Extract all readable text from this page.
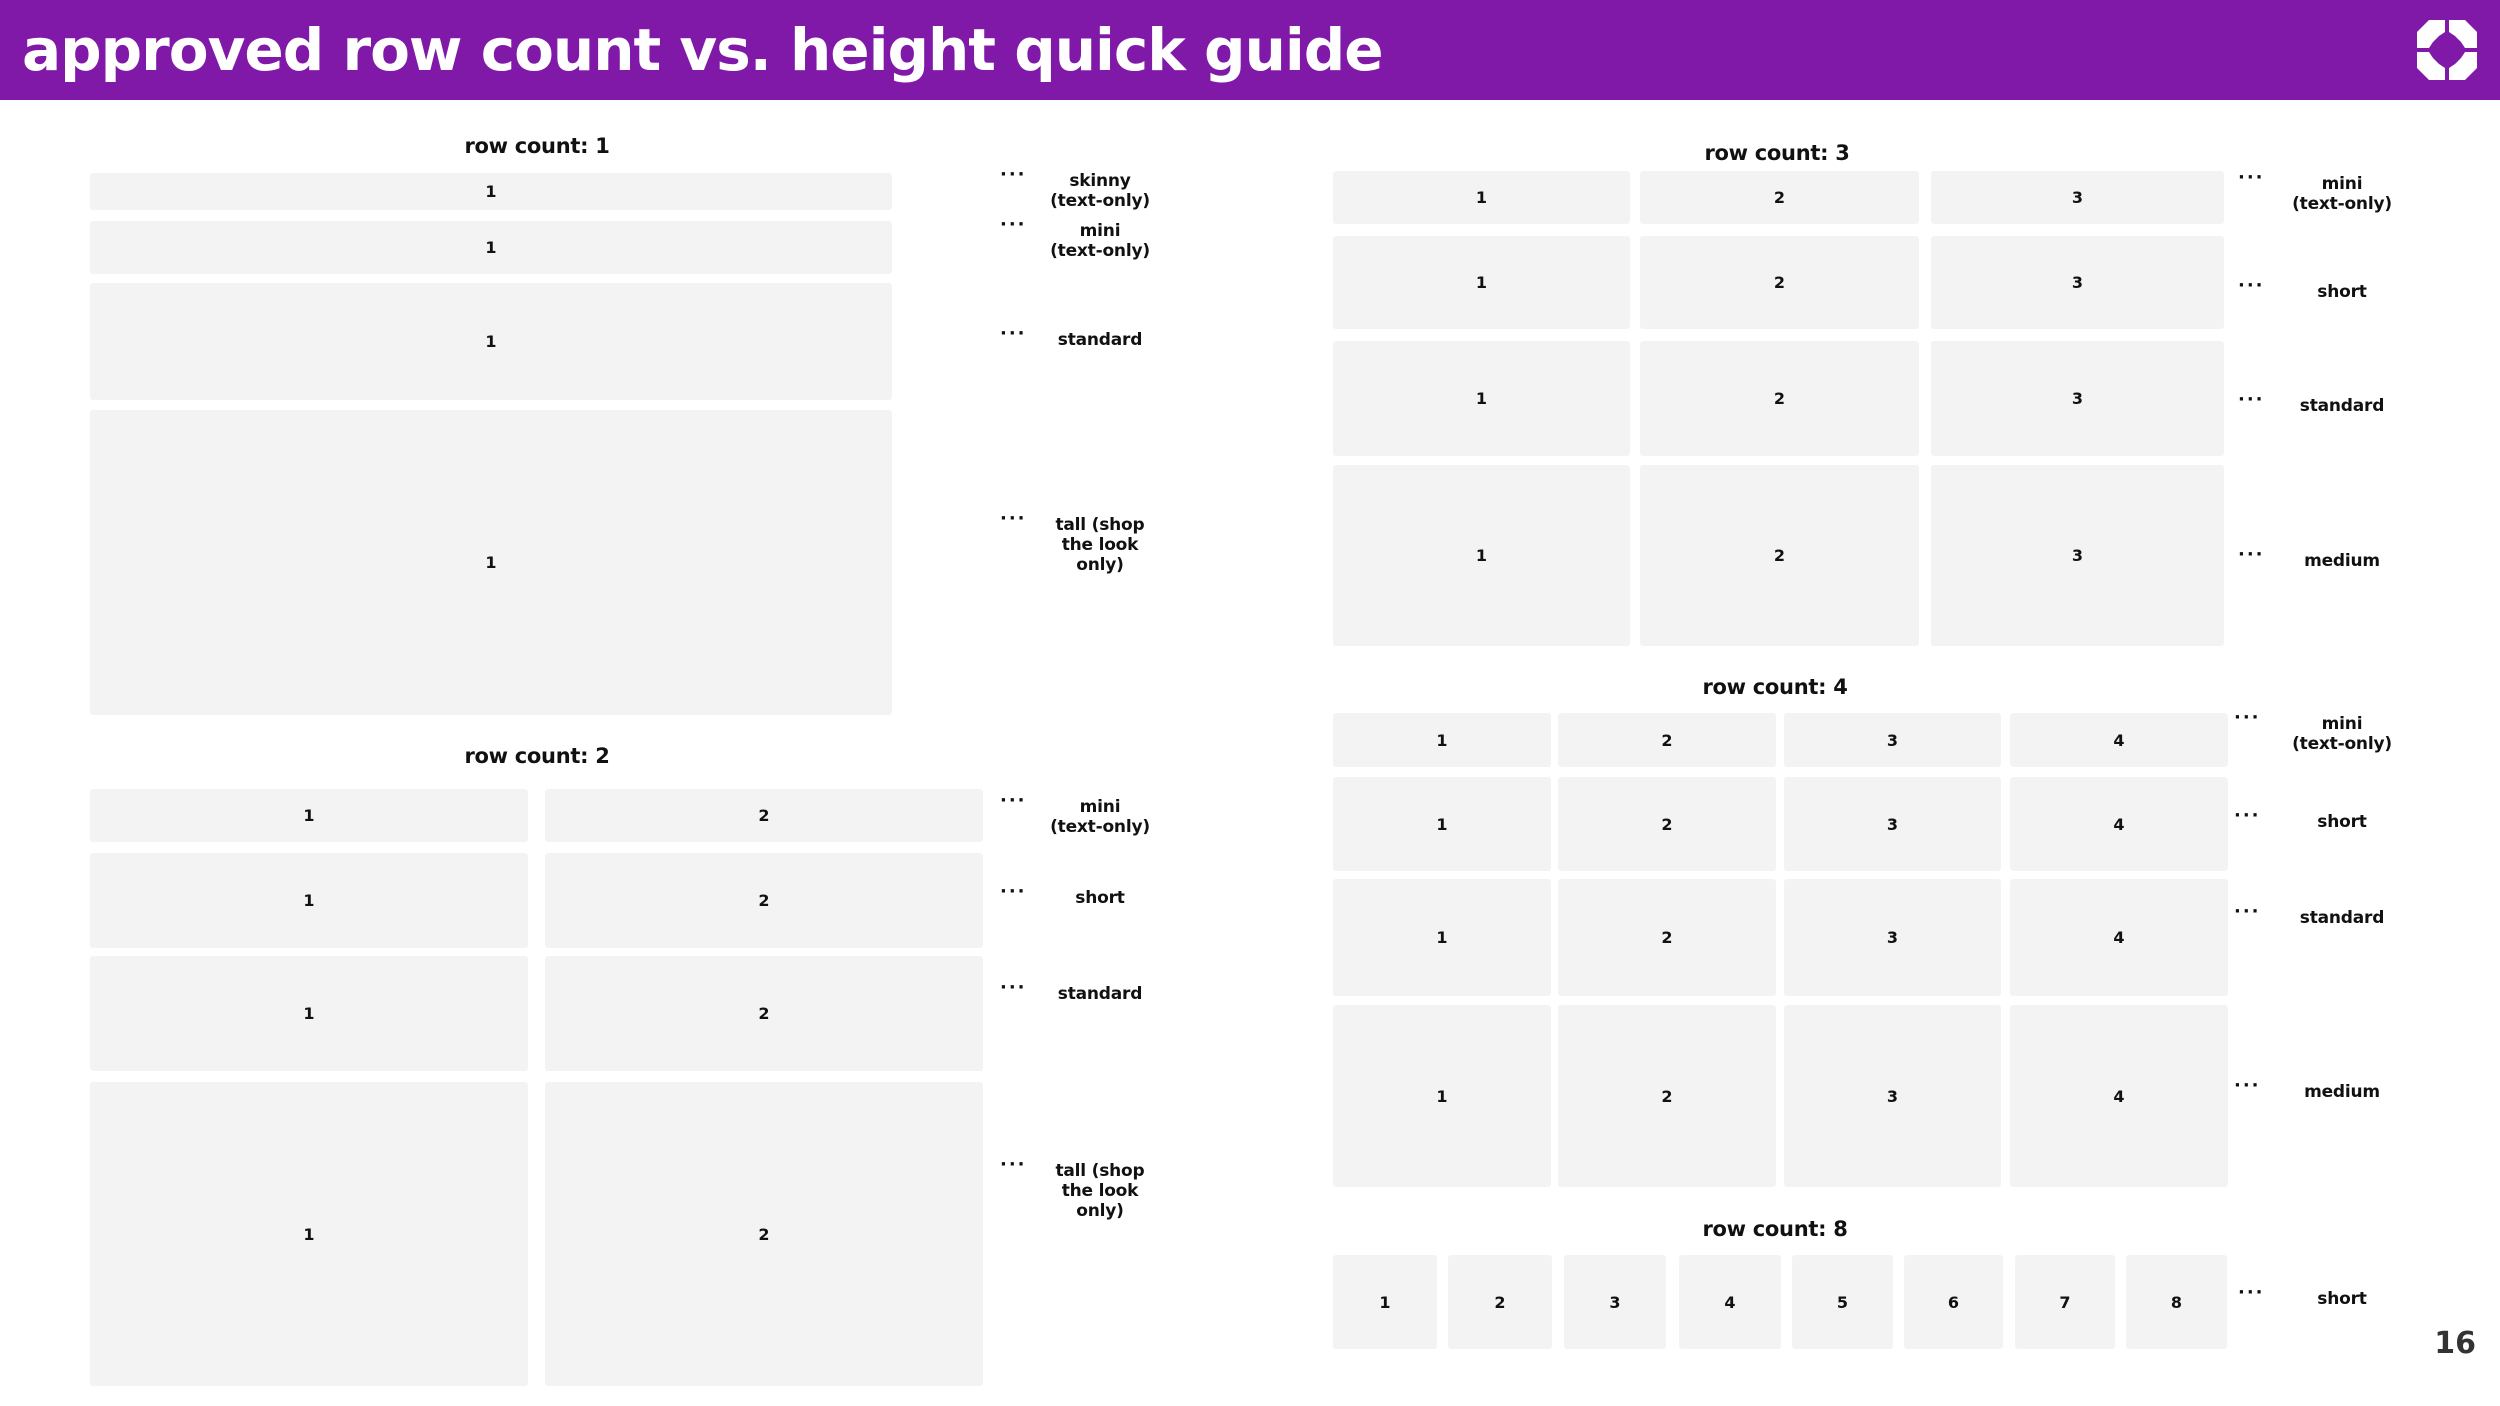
approved row count vs. height quick guide
row count: 1
1
···	skinny
(text-only)
1
···	mini
(text-only)
1	···	standard
1
···	tall (shop
the look
only)
row count: 2
1	2
···	mini
(text-only)
1	2	···	short
1	2
···	standard
1	2
···	tall (shop
the look
only)
row count: 3
1	2	3
···	mini
(text-only)
1	2	3	···	short
1	2	3	···	standard
1	2	3	···	medium
row count: 4
1	2	3	4
···	mini
(text-only)
1	2	3	4	···	short
1	2	3	4
···	standard
1	2	3	4	···	medium
row count: 8
1	2	3	4	5	6	7	8	···	short
16
